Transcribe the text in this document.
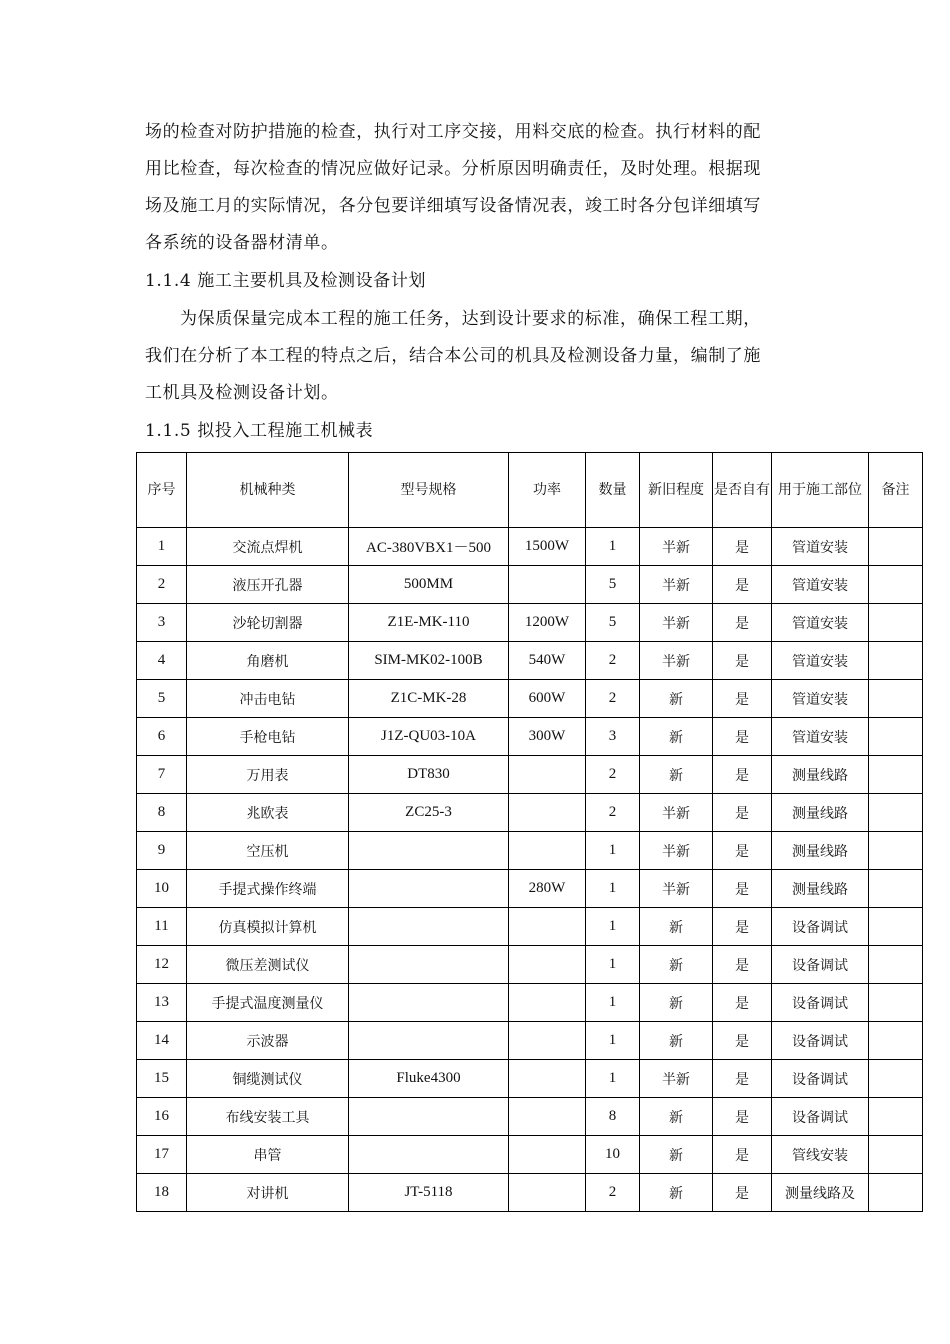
场的检查对防护措施的检查，执行对工序交接，用料交底的检查。执行材料的配
用比检查，每次检查的情况应做好记录。分析原因明确责任，及时处理。根据现
场及施工月的实际情况，各分包要详细填写设备情况表，竣工时各分包详细填写
各系统的设备器材清单。
1.1.4 施工主要机具及检测设备计划
为保质保量完成本工程的施工任务，达到设计要求的标准，确保工程工期，
我们在分析了本工程的特点之后，结合本公司的机具及检测设备力量，编制了施
工机具及检测设备计划。
1.1.5 拟投入工程施工机械表
序号	机械种类	型号规格	功率	数量	新旧程度	是否自有	用于施工部位	备注
1	交流点焊机	AC-380VBX1－500	1500W	1	半新	是	管道安装	
2	液压开孔器	500MM		5	半新	是	管道安装	
3	沙轮切割器	Z1E-MK-110	1200W	5	半新	是	管道安装	
4	角磨机	SIM-MK02-100B	540W	2	半新	是	管道安装	
5	冲击电钻	Z1C-MK-28	600W	2	新	是	管道安装	
6	手枪电钻	J1Z-QU03-10A	300W	3	新	是	管道安装	
7	万用表	DT830		2	新	是	测量线路	
8	兆欧表	ZC25-3		2	半新	是	测量线路	
9	空压机			1	半新	是	测量线路	
10	手提式操作终端		280W	1	半新	是	测量线路	
11	仿真模拟计算机			1	新	是	设备调试	
12	微压差测试仪			1	新	是	设备调试	
13	手提式温度测量仪			1	新	是	设备调试	
14	示波器			1	新	是	设备调试	
15	铜缆测试仪	Fluke4300		1	半新	是	设备调试	
16	布线安装工具			8	新	是	设备调试	
17	串管			10	新	是	管线安装	
18	对讲机	JT-5118		2	新	是	测量线路及	
